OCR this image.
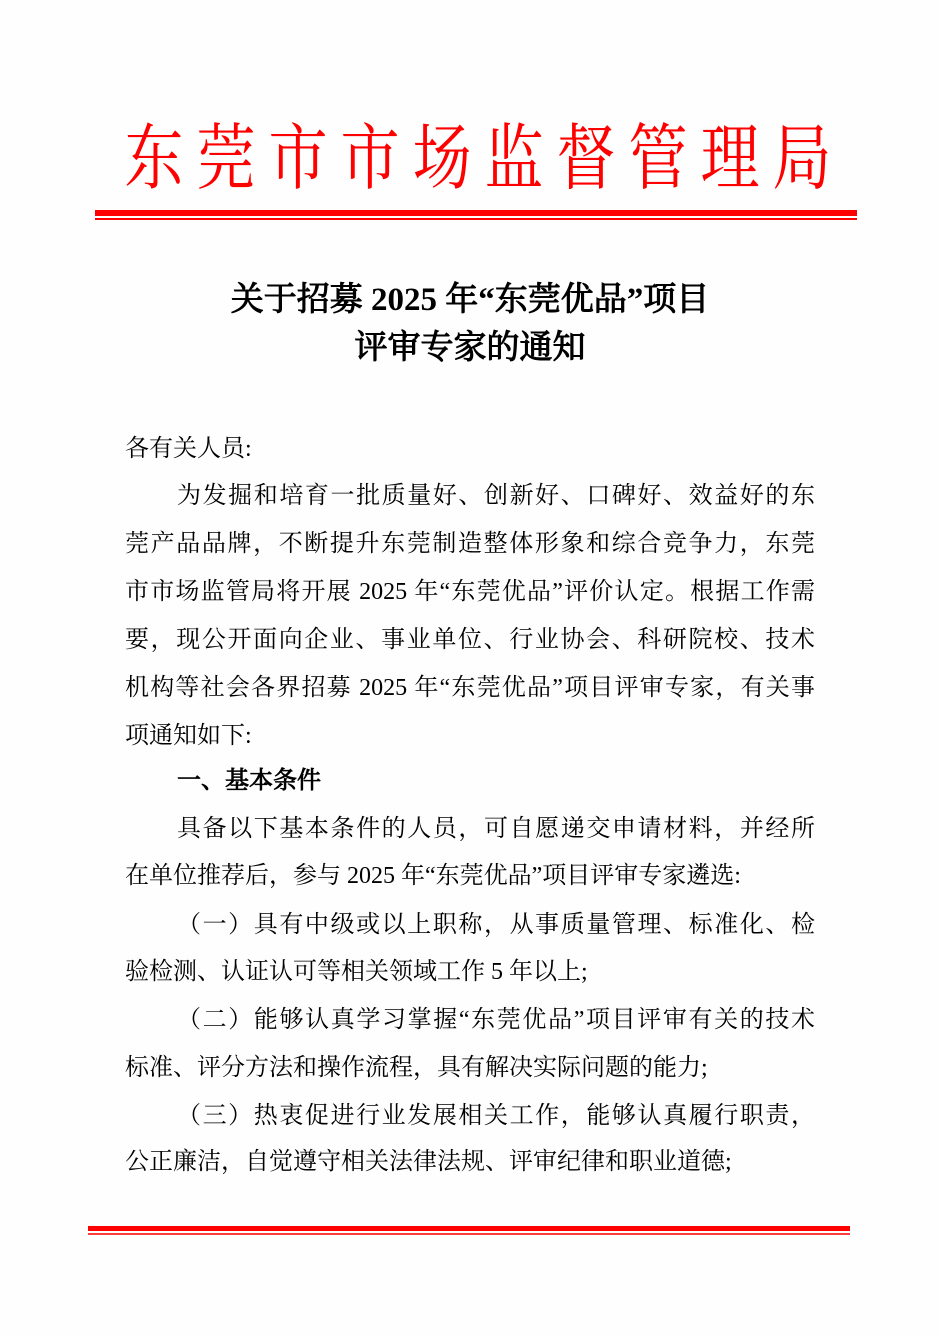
东 莞 市 市 场 监 督 管 理 局
关于招募 2025 年“东莞优品”项目
评审专家的通知
各有关人员:
为发掘和培育一批质量好、创新好、口碑好、效益好的东
莞产品品牌，不断提升东莞制造整体形象和综合竞争力，东莞
市市场监管局将开展 2025 年“东莞优品”评价认定。根据工作需
要，现公开面向企业、事业单位、行业协会、科研院校、技术
机构等社会各界招募 2025 年“东莞优品”项目评审专家，有关事
项通知如下:
一、基本条件
具备以下基本条件的人员，可自愿递交申请材料，并经所
在单位推荐后，参与 2025 年“东莞优品”项目评审专家遴选:
（一）具有中级或以上职称，从事质量管理、标准化、检
验检测、认证认可等相关领域工作 5 年以上;
（二）能够认真学习掌握“东莞优品”项目评审有关的技术
标准、评分方法和操作流程，具有解决实际问题的能力;
（三）热衷促进行业发展相关工作，能够认真履行职责，
公正廉洁，自觉遵守相关法律法规、评审纪律和职业道德;
